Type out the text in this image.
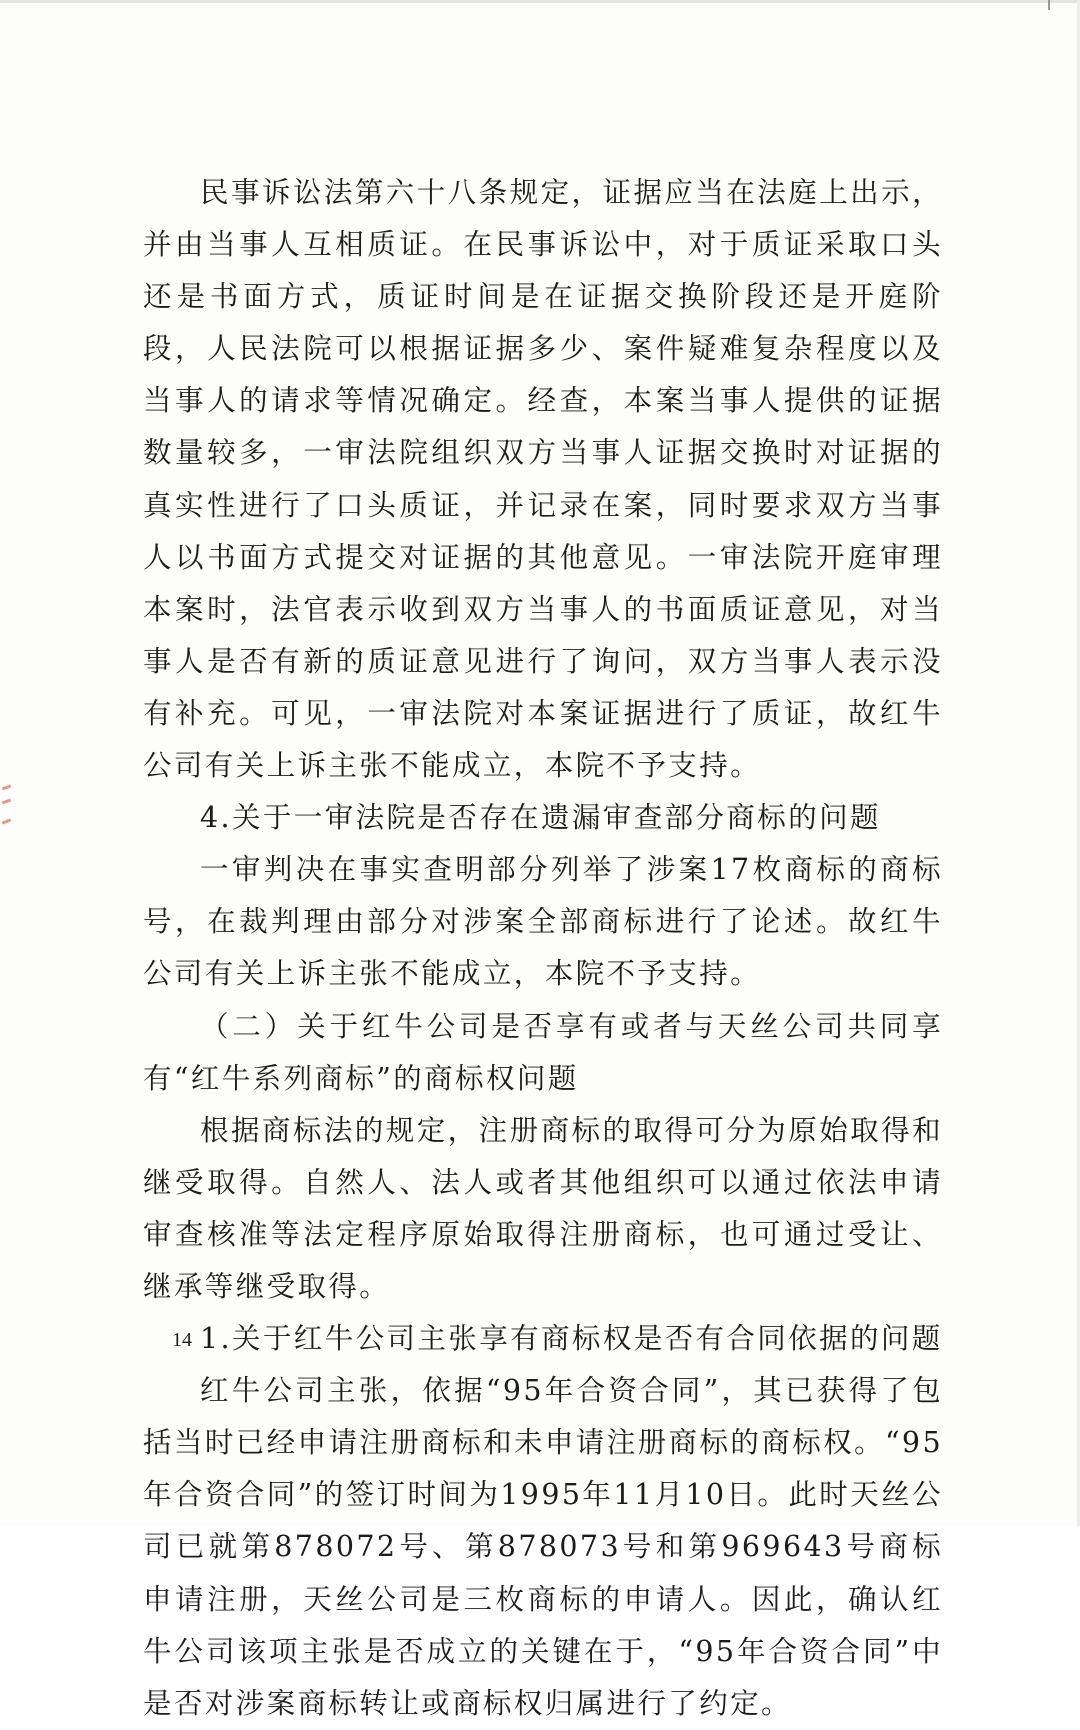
民事诉讼法第六十八条规定，证据应当在法庭上出示，并由当事人互相质证。在民事诉讼中，对于质证采取口头还是书面方式，质证时间是在证据交换阶段还是开庭阶段，人民法院可以根据证据多少、案件疑难复杂程度以及当事人的请求等情况确定。经查，本案当事人提供的证据数量较多，一审法院组织双方当事人证据交换时对证据的真实性进行了口头质证，并记录在案，同时要求双方当事人以书面方式提交对证据的其他意见。一审法院开庭审理本案时，法官表示收到双方当事人的书面质证意见，对当事人是否有新的质证意见进行了询问，双方当事人表示没有补充。可见，一审法院对本案证据进行了质证，故红牛公司有关上诉主张不能成立，本院不予支持。

4.关于一审法院是否存在遗漏审查部分商标的问题

一审判决在事实查明部分列举了涉案17枚商标的商标号，在裁判理由部分对涉案全部商标进行了论述。故红牛公司有关上诉主张不能成立，本院不予支持。

（二）关于红牛公司是否享有或者与天丝公司共同享有“红牛系列商标”的商标权问题

根据商标法的规定，注册商标的取得可分为原始取得和继受取得。自然人、法人或者其他组织可以通过依法申请审查核准等法定程序原始取得注册商标，也可通过受让、继承等继受取得。

1.关于红牛公司主张享有商标权是否有合同依据的问题

红牛公司主张，依据“95年合资合同”，其已获得了包括当时已经申请注册商标和未申请注册商标的商标权。“95年合资合同”的签订时间为1995年11月10日。此时天丝公司已就第878072号、第878073号和第969643号商标申请注册，天丝公司是三枚商标的申请人。因此，确认红牛公司该项主张是否成立的关键在于，“95年合资合同”中是否对涉案商标转让或商标权归属进行了约定。

14
